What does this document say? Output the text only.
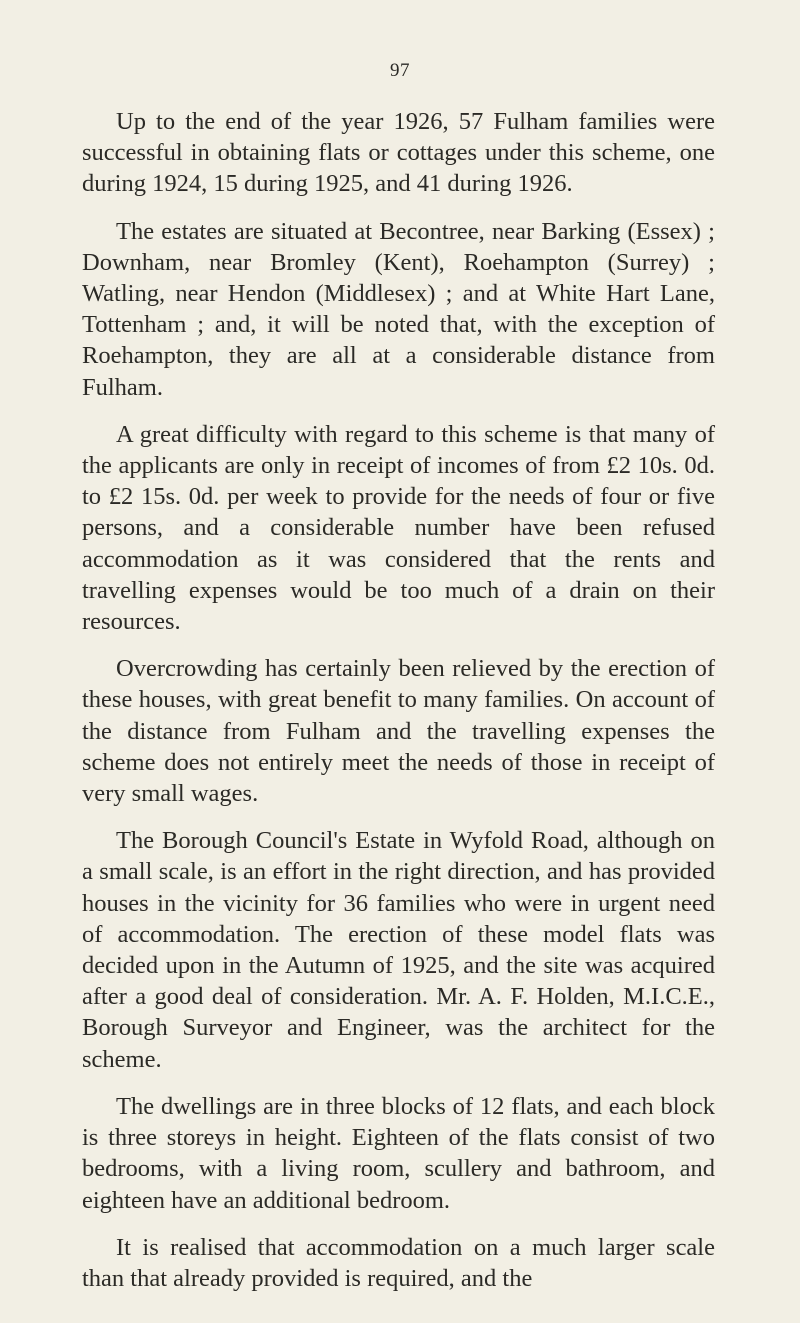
97

Up to the end of the year 1926, 57 Fulham families were successful in obtaining flats or cottages under this scheme, one during 1924, 15 during 1925, and 41 during 1926.

The estates are situated at Becontree, near Barking (Essex) ; Downham, near Bromley (Kent), Roehampton (Surrey) ; Watling, near Hendon (Middlesex) ; and at White Hart Lane, Tottenham ; and, it will be noted that, with the exception of Roehampton, they are all at a considerable distance from Fulham.

A great difficulty with regard to this scheme is that many of the applicants are only in receipt of incomes of from £2 10s. 0d. to £2 15s. 0d. per week to provide for the needs of four or five persons, and a considerable number have been refused accommodation as it was considered that the rents and travelling expenses would be too much of a drain on their resources.

Overcrowding has certainly been relieved by the erection of these houses, with great benefit to many families. On account of the distance from Fulham and the travelling expenses the scheme does not entirely meet the needs of those in receipt of very small wages.

The Borough Council's Estate in Wyfold Road, although on a small scale, is an effort in the right direction, and has provided houses in the vicinity for 36 families who were in urgent need of accommodation. The erection of these model flats was decided upon in the Autumn of 1925, and the site was acquired after a good deal of consideration. Mr. A. F. Holden, M.I.C.E., Borough Surveyor and Engineer, was the architect for the scheme.

The dwellings are in three blocks of 12 flats, and each block is three storeys in height. Eighteen of the flats consist of two bedrooms, with a living room, scullery and bathroom, and eighteen have an additional bedroom.

It is realised that accommodation on a much larger scale than that already provided is required, and the
